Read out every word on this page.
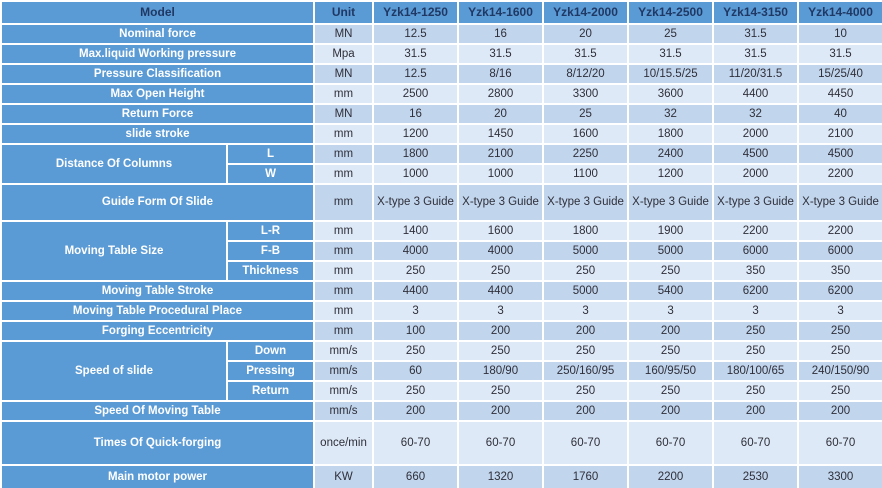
Model		Unit	Yzk14-1250	Yzk14-1600	Yzk14-2000	Yzk14-2500	Yzk14-3150	Yzk14-4000
Nominal force		MN	12.5	16	20	25	31.5	10
Max.liquid Working pressure		Mpa	31.5	31.5	31.5	31.5	31.5	31.5
Pressure Classification		MN	12.5	8/16	8/12/20	10/15.5/25	11/20/31.5	15/25/40
Max Open Height		mm	2500	2800	3300	3600	4400	4450
Return Force		MN	16	20	25	32	32	40
slide stroke		mm	1200	1450	1600	1800	2000	2100
Distance Of Columns	L	mm	1800	2100	2250	2400	4500	4500
	W	mm	1000	1000	1100	1200	2000	2200
Guide Form Of Slide		mm	X-type 3 Guide	X-type 3 Guide	X-type 3 Guide	X-type 3 Guide	X-type 3 Guide	X-type 3 Guide
Moving Table Size	L-R	mm	1400	1600	1800	1900	2200	2200
	F-B	mm	4000	4000	5000	5000	6000	6000
	Thickness	mm	250	250	250	250	350	350
Moving Table Stroke		mm	4400	4400	5000	5400	6200	6200
Moving Table Procedural Place		mm	3	3	3	3	3	3
Forging Eccentricity		mm	100	200	200	200	250	250
Speed of slide	Down	mm/s	250	250	250	250	250	250
	Pressing	mm/s	60	180/90	250/160/95	160/95/50	180/100/65	240/150/90
	Return	mm/s	250	250	250	250	250	250
Speed Of Moving Table		mm/s	200	200	200	200	200	200
Times Of Quick-forging		once/min	60-70	60-70	60-70	60-70	60-70	60-70
Main motor power		KW	660	1320	1760	2200	2530	3300
